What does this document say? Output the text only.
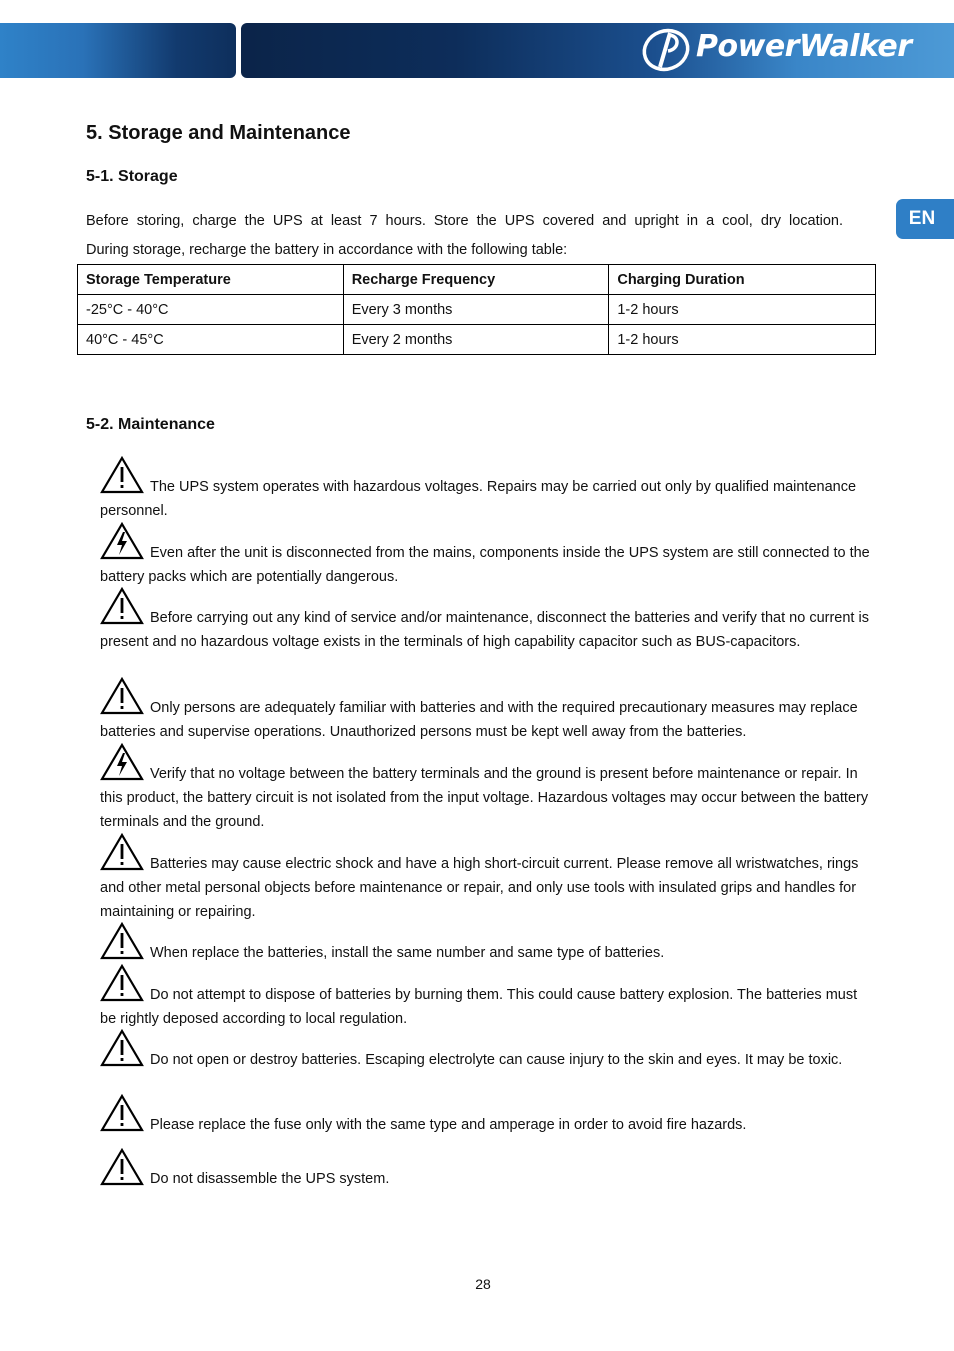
PowerWalker
EN
5. Storage and Maintenance
5-1. Storage
Before storing, charge the UPS at least 7 hours. Store the UPS covered and upright in a cool, dry location.
During storage, recharge the battery in accordance with the following table:
Storage Temperature	Recharge Frequency	Charging Duration
-25°C - 40°C	Every 3 months	1-2 hours
40°C - 45°C	Every 2 months	1-2 hours
5-2. Maintenance
The UPS system operates with hazardous voltages. Repairs may be carried out only by qualified maintenance personnel.
Even after the unit is disconnected from the mains, components inside the UPS system are still connected to the battery packs which are potentially dangerous.
Before carrying out any kind of service and/or maintenance, disconnect the batteries and verify that no current is present and no hazardous voltage exists in the terminals of high capability capacitor such as BUS-capacitors.
Only persons are adequately familiar with batteries and with the required precautionary measures may replace batteries and supervise operations. Unauthorized persons must be kept well away from the batteries.
Verify that no voltage between the battery terminals and the ground is present before maintenance or repair. In this product, the battery circuit is not isolated from the input voltage. Hazardous voltages may occur between the battery terminals and the ground.
Batteries may cause electric shock and have a high short-circuit current. Please remove all wristwatches, rings and other metal personal objects before maintenance or repair, and only use tools with insulated grips and handles for maintaining or repairing.
When replace the batteries, install the same number and same type of batteries.
Do not attempt to dispose of batteries by burning them. This could cause battery explosion. The batteries must be rightly deposed according to local regulation.
Do not open or destroy batteries. Escaping electrolyte can cause injury to the skin and eyes. It may be toxic.
Please replace the fuse only with the same type and amperage in order to avoid fire hazards.
Do not disassemble the UPS system.
28
